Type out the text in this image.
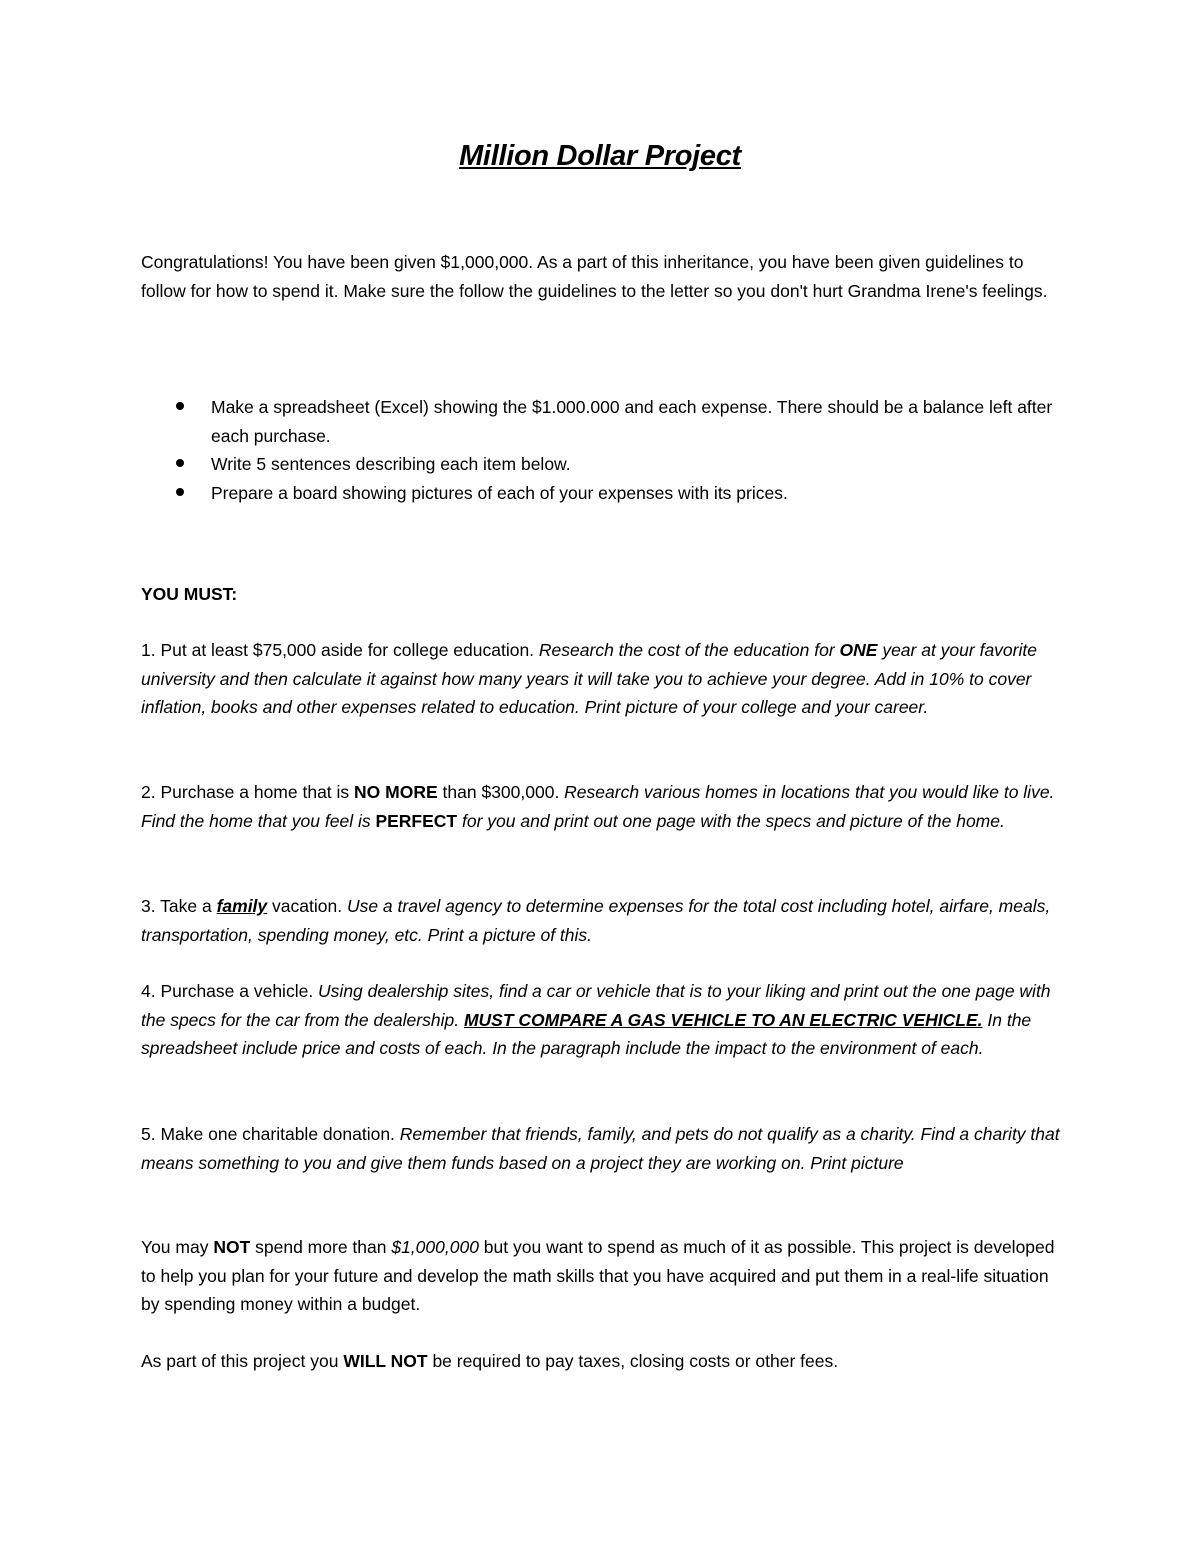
Million Dollar Project

Congratulations! You have been given $1,000,000. As a part of this inheritance, you have been given guidelines to follow for how to spend it. Make sure the follow the guidelines to the letter so you don't hurt Grandma Irene's feelings.

Make a spreadsheet (Excel) showing the $1.000.000 and each expense. There should be a balance left after each purchase.
Write 5 sentences describing each item below.
Prepare a board showing pictures of each of your expenses with its prices.

YOU MUST:

1. Put at least $75,000 aside for college education. Research the cost of the education for ONE year at your favorite university and then calculate it against how many years it will take you to achieve your degree. Add in 10% to cover inflation, books and other expenses related to education. Print picture of your college and your career.

2. Purchase a home that is NO MORE than $300,000. Research various homes in locations that you would like to live. Find the home that you feel is PERFECT for you and print out one page with the specs and picture of the home.

3. Take a family vacation. Use a travel agency to determine expenses for the total cost including hotel, airfare, meals, transportation, spending money, etc. Print a picture of this.

4. Purchase a vehicle. Using dealership sites, find a car or vehicle that is to your liking and print out the one page with the specs for the car from the dealership. MUST COMPARE A GAS VEHICLE TO AN ELECTRIC VEHICLE. In the spreadsheet include price and costs of each. In the paragraph include the impact to the environment of each.

5. Make one charitable donation. Remember that friends, family, and pets do not qualify as a charity. Find a charity that means something to you and give them funds based on a project they are working on. Print picture

You may NOT spend more than $1,000,000 but you want to spend as much of it as possible. This project is developed to help you plan for your future and develop the math skills that you have acquired and put them in a real-life situation by spending money within a budget.

As part of this project you WILL NOT be required to pay taxes, closing costs or other fees.
